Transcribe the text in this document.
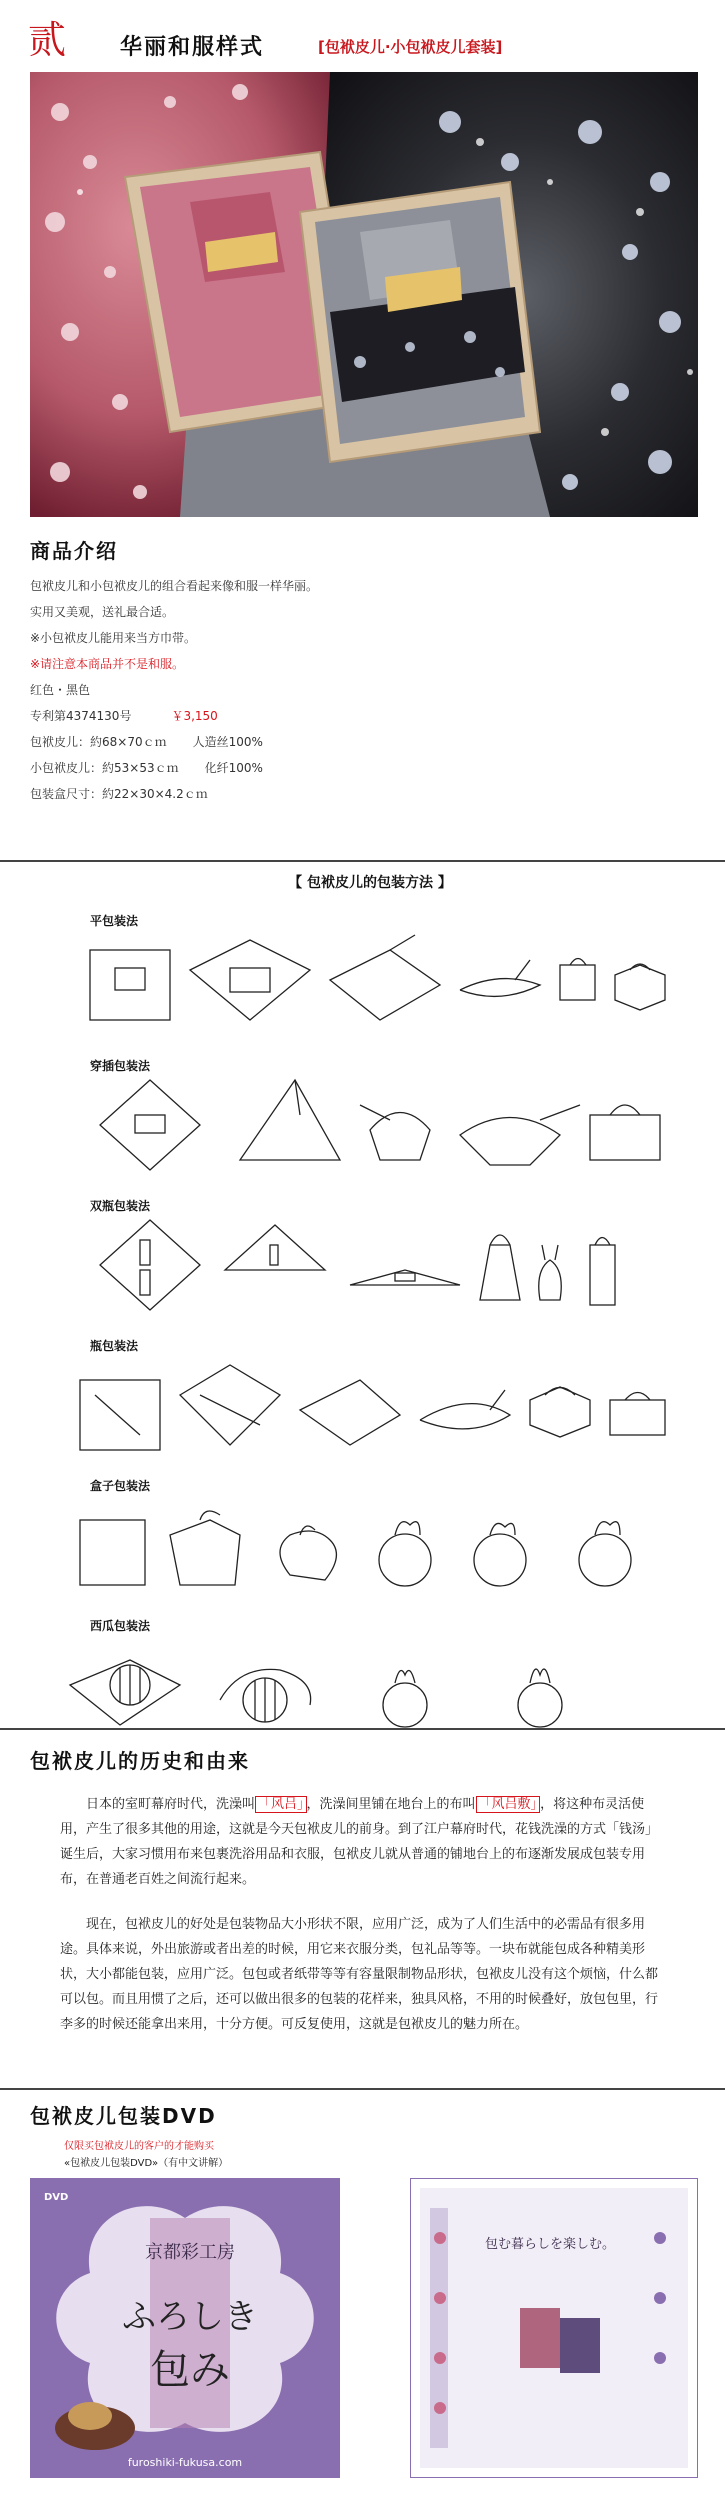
贰 华丽和服样式	[包袱皮儿·小包袱皮儿套装]
商品介绍
包袱皮儿和小包袱皮儿的组合看起来像和服一样华丽。
实用又美观，送礼最合适。
※小包袱皮儿能用来当方巾带。
※请注意本商品并不是和服。
红色・黑色
专利第4374130号	￥3,150
包袱皮儿：約68×70ｃｍ 人造丝100%
小包袱皮儿：約53×53ｃｍ 化纤100%
包装盒尺寸：約22×30×4.2ｃｍ
【 包袱皮儿的包装方法 】
平包装法
穿插包装法
双瓶包装法
瓶包装法
盒子包装法
西瓜包装法
包袱皮儿的历史和由来

日本的室町幕府时代，洗澡叫 「风吕」 ，洗澡间里铺在地台上的布叫 「风吕敷」 ，将这种布灵活使用，产生了很多其他的用途，这就是今天包袱皮儿的前身。到了江户幕府时代，花钱洗澡的方式「钱汤」诞生后，大家习惯用布来包裹洗浴用品和衣服，包袱皮儿就从普通的铺地台上的布逐渐发展成包装专用布，在普通老百姓之间流行起来。

现在，包袱皮儿的好处是包装物品大小形状不限，应用广泛，成为了人们生活中的必需品有很多用途。具体来说，外出旅游或者出差的时候，用它来衣服分类，包礼品等等。一块布就能包成各种精美形状，大小都能包装，应用广泛。包包或者纸带等等有容量限制物品形状，包袱皮儿没有这个烦恼，什么都可以包。而且用惯了之后，还可以做出很多的包装的花样来，独具风格，不用的时候叠好，放包包里，行李多的时候还能拿出来用，十分方便。可反复使用，这就是包袱皮儿的魅力所在。

包袱皮儿包装DVD
仅限买包袱皮儿的客户的才能购买
«包袱皮儿包装DVD»（有中文讲解）
京都彩工房
ふろしき
包み
furoshiki-fukusa.com
DVD
包む暮らしを楽しむ。
